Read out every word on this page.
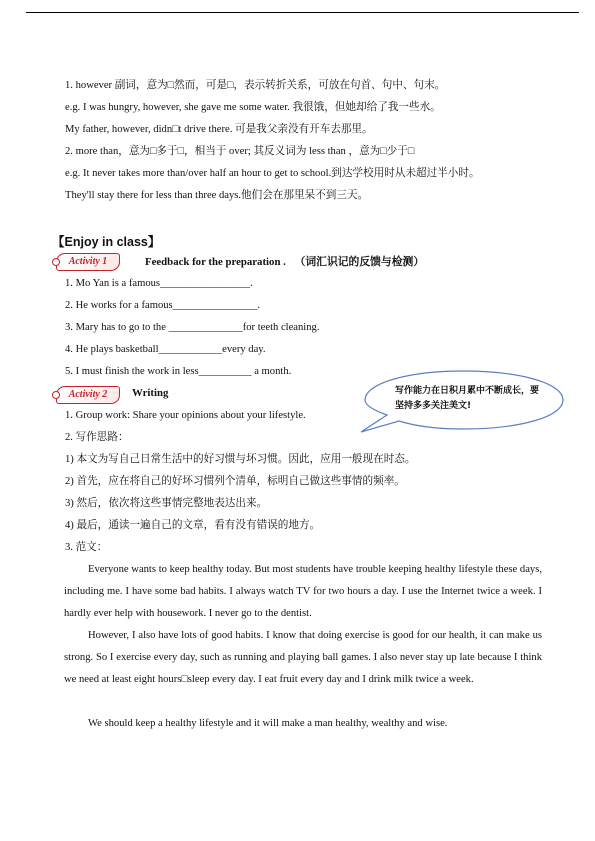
1. however 副词，意为□然而，可是□，表示转折关系，可放在句首、句中、句末。
e.g. I was hungry, however, she gave me some water. 我很饿，但她却给了我一些水。
My father, however, didn□t drive there. 可是我父亲没有开车去那里。
2. more than，意为□多于□，相当于 over; 其反义词为 less than ，意为□少于□
e.g. It never takes more than/over half an hour to get to school.到达学校用时从未超过半小时。
They'll stay there for less than three days.他们会在那里呆不到三天。
【Enjoy in class】
Activity 1	Feedback for the preparation . （词汇识记的反馈与检测）
1. Mo Yan is a famous_________________.
2. He works for a famous________________.
3. Mary has to go to the ______________for teeth cleaning.
4. He plays basketball____________every day.
5. I must finish the work in less__________ a month.
Activity 2	Writing	写作能力在日积月累中不断成长，要坚持多多关注美文!
1. Group work: Share your opinions about your lifestyle.
2. 写作思路：
1) 本文为写自己日常生活中的好习惯与坏习惯。因此，应用一般现在时态。
2) 首先，应在将自己的好坏习惯列个清单，标明自己做这些事情的频率。
3) 然后，依次将这些事情完整地表达出来。
4) 最后，通读一遍自己的文章，看有没有错误的地方。
3. 范文：
Everyone wants to keep healthy today. But most students have trouble keeping healthy lifestyle these days, including me. I have some bad habits. I always watch TV for two hours a day. I use the Internet twice a week. I hardly ever help with housework. I never go to the dentist.
However, I also have lots of good habits. I know that doing exercise is good for our health, it can make us strong. So I exercise every day, such as running and playing ball games. I also never stay up late because I think we need at least eight hours□sleep every day. I eat fruit every day and I drink milk twice a week.
We should keep a healthy lifestyle and it will make a man healthy, wealthy and wise.
